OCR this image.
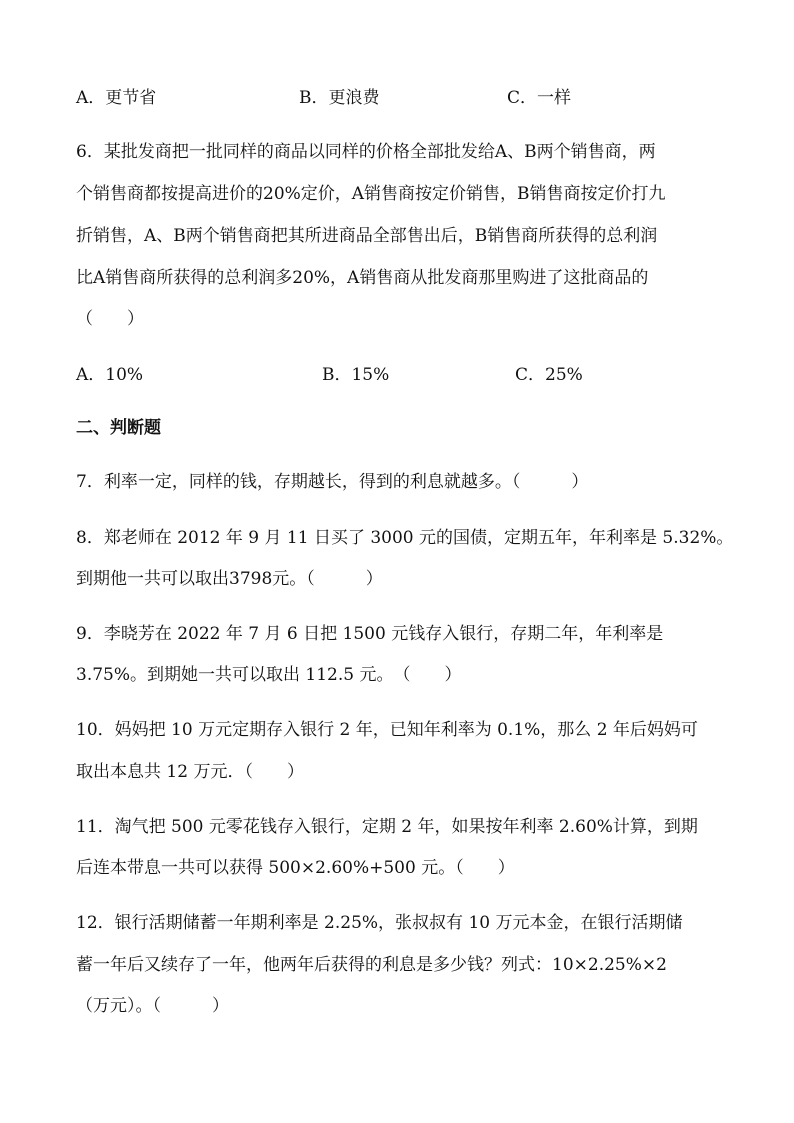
A．更节省	B．更浪费	C．一样
6．某批发商把一批同样的商品以同样的价格全部批发给A、B两个销售商，两
个销售商都按提高进价的20%定价，A销售商按定价销售，B销售商按定价打九
折销售，A、B两个销售商把其所进商品全部售出后，B销售商所获得的总利润
比A销售商所获得的总利润多20%，A销售商从批发商那里购进了这批商品的
（　　）
A．10%	B．15%	C．25%
二、判断题
7．利率一定，同样的钱，存期越长，得到的利息就越多。（　　　）
8．郑老师在 2012 年 9 月 11 日买了 3000 元的国债，定期五年，年利率是 5.32%。
到期他一共可以取出3798元。（　　　）
9．李晓芳在 2022 年 7 月 6 日把 1500 元钱存入银行，存期二年，年利率是
3.75%。到期她一共可以取出 112.5 元。　（　　）
10．妈妈把 10 万元定期存入银行 2 年，已知年利率为 0.1%，那么 2 年后妈妈可
取出本息共 12 万元．（　　）
11．淘气把 500 元零花钱存入银行，定期 2 年，如果按年利率 2.60%计算，到期
后连本带息一共可以获得 500×2.60%+500 元。（　　）
12．银行活期储蓄一年期利率是 2.25%，张叔叔有 10 万元本金，在银行活期储
蓄一年后又续存了一年，他两年后获得的利息是多少钱？列式：10×2.25%×2
（万元）。（　　　）
